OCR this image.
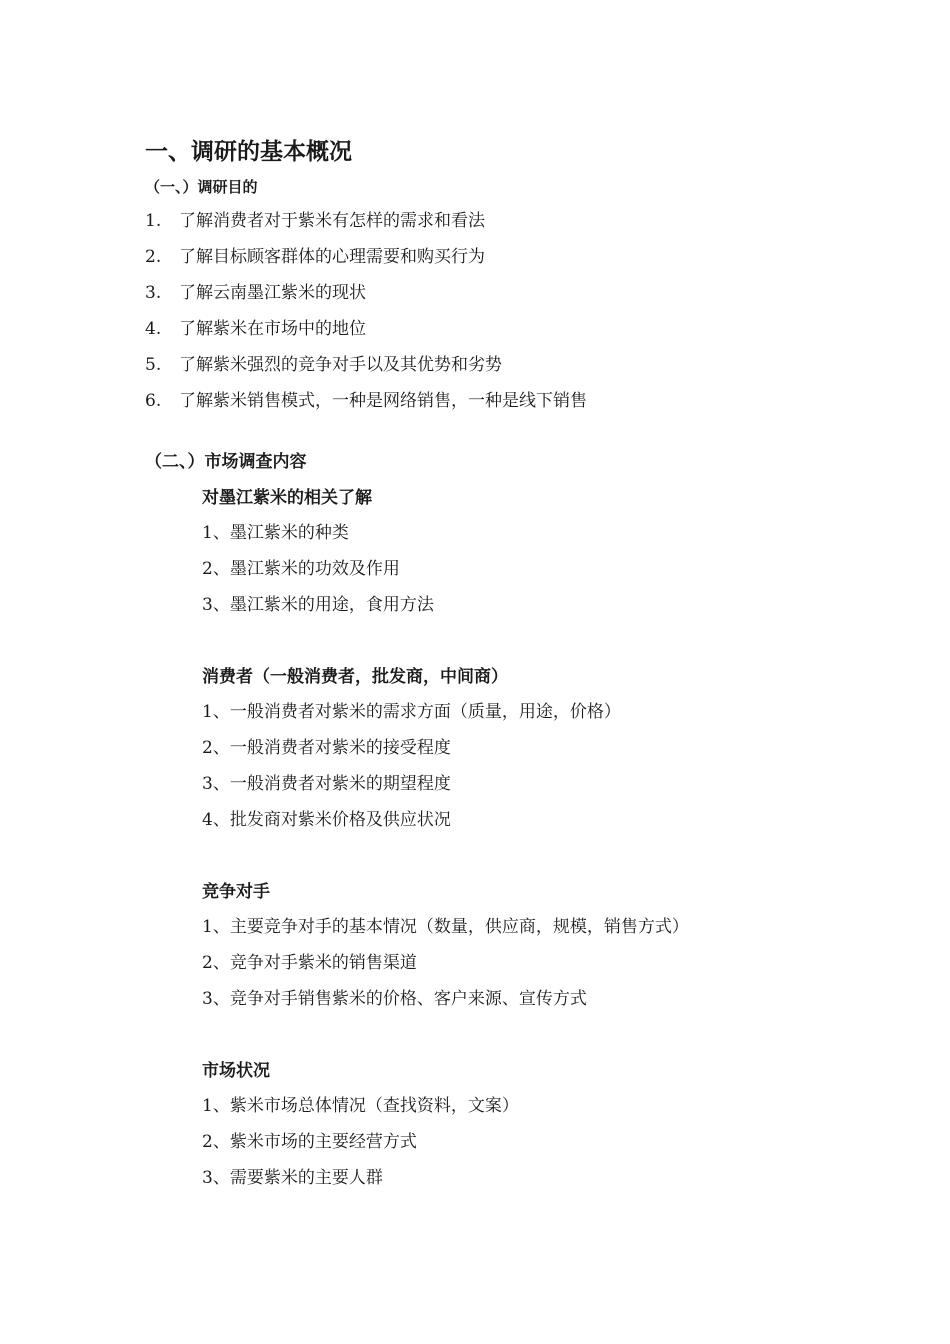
一、调研的基本概况
（一、）调研目的
1. 了解消费者对于紫米有怎样的需求和看法
2. 了解目标顾客群体的心理需要和购买行为
3. 了解云南墨江紫米的现状
4. 了解紫米在市场中的地位
5. 了解紫米强烈的竞争对手以及其优势和劣势
6. 了解紫米销售模式，一种是网络销售，一种是线下销售
（二、）市场调查内容
对墨江紫米的相关了解
1、墨江紫米的种类
2、墨江紫米的功效及作用
3、墨江紫米的用途，食用方法
消费者（一般消费者，批发商，中间商）
1、一般消费者对紫米的需求方面（质量，用途，价格）
2、一般消费者对紫米的接受程度
3、一般消费者对紫米的期望程度
4、批发商对紫米价格及供应状况
竞争对手
1、主要竞争对手的基本情况（数量，供应商，规模，销售方式）
2、竞争对手紫米的销售渠道
3、竞争对手销售紫米的价格、客户来源、宣传方式
市场状况
1、紫米市场总体情况（查找资料，文案）
2、紫米市场的主要经营方式
3、需要紫米的主要人群
